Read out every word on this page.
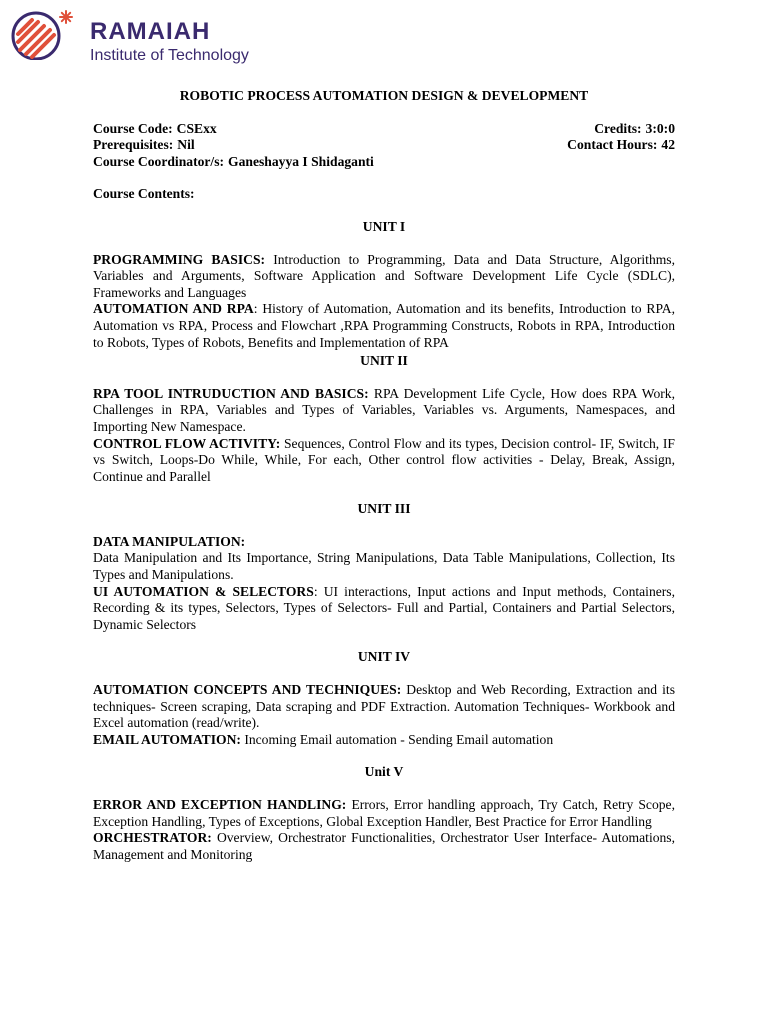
RAMAIAH
Institute of Technology
ROBOTIC PROCESS AUTOMATION DESIGN & DEVELOPMENT
Course Code: CSExx	Credits: 3:0:0
Prerequisites: Nil	Contact Hours: 42
Course Coordinator/s: Ganeshayya I Shidaganti
Course Contents:
UNIT I

PROGRAMMING BASICS: Introduction to Programming, Data and Data Structure, Algorithms, Variables and Arguments, Software Application and Software Development Life Cycle (SDLC), Frameworks and Languages

AUTOMATION AND RPA: History of Automation, Automation and its benefits, Introduction to RPA, Automation vs RPA, Process and Flowchart ,RPA Programming Constructs, Robots in RPA, Introduction to Robots, Types of Robots, Benefits and Implementation of RPA

UNIT II

RPA TOOL INTRUDUCTION AND BASICS: RPA Development Life Cycle, How does RPA Work, Challenges in RPA, Variables and Types of Variables, Variables vs. Arguments, Namespaces, and Importing New Namespace.

CONTROL FLOW ACTIVITY: Sequences, Control Flow and its types, Decision control- IF, Switch, IF vs Switch, Loops-Do While, While, For each, Other control flow activities - Delay, Break, Assign, Continue and Parallel

UNIT III

DATA MANIPULATION:
Data Manipulation and Its Importance, String Manipulations, Data Table Manipulations, Collection, Its Types and Manipulations.

UI AUTOMATION & SELECTORS: UI interactions, Input actions and Input methods, Containers, Recording & its types, Selectors, Types of Selectors- Full and Partial, Containers and Partial Selectors, Dynamic Selectors

UNIT IV

AUTOMATION CONCEPTS AND TECHNIQUES: Desktop and Web Recording, Extraction and its techniques- Screen scraping, Data scraping and PDF Extraction. Automation Techniques- Workbook and Excel automation (read/write).

EMAIL AUTOMATION: Incoming Email automation - Sending Email automation

Unit V

ERROR AND EXCEPTION HANDLING: Errors, Error handling approach, Try Catch, Retry Scope, Exception Handling, Types of Exceptions, Global Exception Handler, Best Practice for Error Handling

ORCHESTRATOR: Overview, Orchestrator Functionalities, Orchestrator User Interface- Automations, Management and Monitoring
